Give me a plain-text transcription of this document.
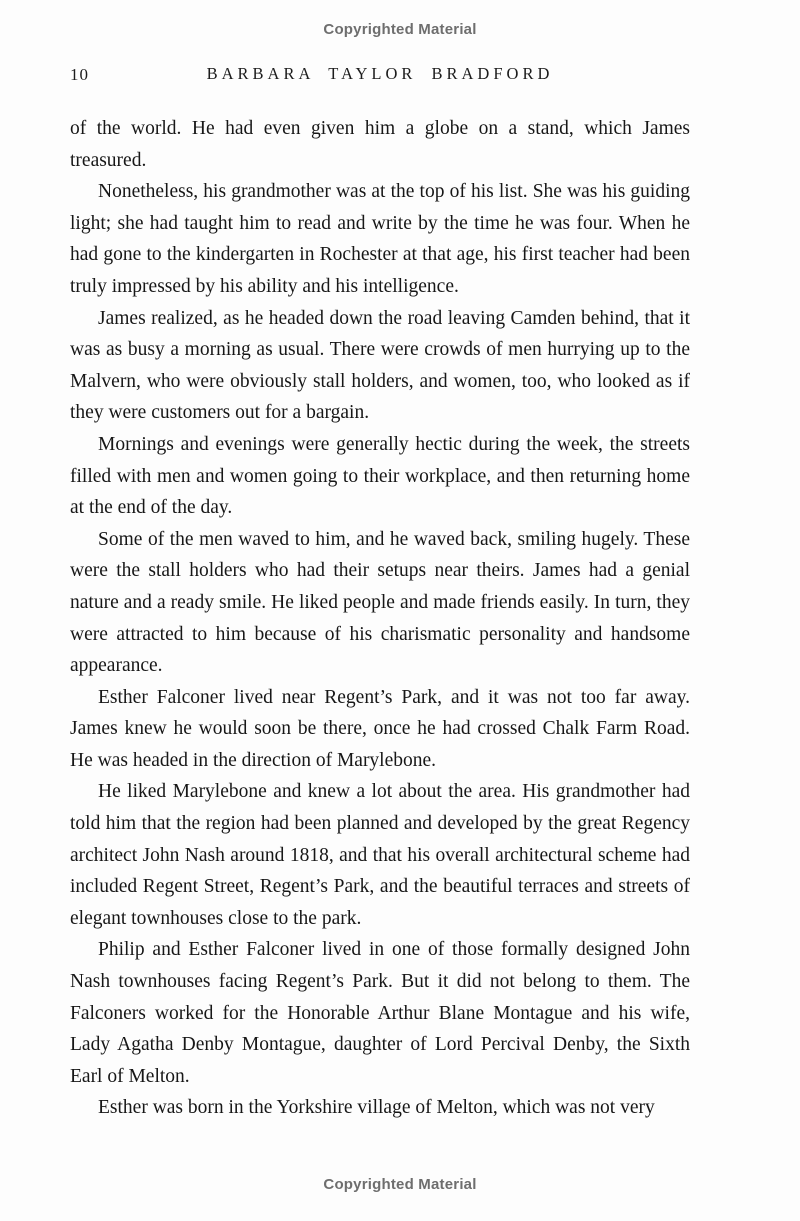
Copyrighted Material
10	BARBARA TAYLOR BRADFORD

of the world. He had even given him a globe on a stand, which James treasured.

Nonetheless, his grandmother was at the top of his list. She was his guiding light; she had taught him to read and write by the time he was four. When he had gone to the kindergarten in Rochester at that age, his first teacher had been truly impressed by his ability and his intelligence.

James realized, as he headed down the road leaving Camden behind, that it was as busy a morning as usual. There were crowds of men hurrying up to the Malvern, who were obviously stall holders, and women, too, who looked as if they were customers out for a bargain.

Mornings and evenings were generally hectic during the week, the streets filled with men and women going to their workplace, and then returning home at the end of the day.

Some of the men waved to him, and he waved back, smiling hugely. These were the stall holders who had their setups near theirs. James had a genial nature and a ready smile. He liked people and made friends easily. In turn, they were attracted to him because of his charismatic personality and handsome appearance.

Esther Falconer lived near Regent’s Park, and it was not too far away. James knew he would soon be there, once he had crossed Chalk Farm Road. He was headed in the direction of Marylebone.

He liked Marylebone and knew a lot about the area. His grandmother had told him that the region had been planned and developed by the great Regency architect John Nash around 1818, and that his overall architectural scheme had included Regent Street, Regent’s Park, and the beautiful terraces and streets of elegant townhouses close to the park.

Philip and Esther Falconer lived in one of those formally designed John Nash townhouses facing Regent’s Park. But it did not belong to them. The Falconers worked for the Honorable Arthur Blane Montague and his wife, Lady Agatha Denby Montague, daughter of Lord Percival Denby, the Sixth Earl of Melton.

Esther was born in the Yorkshire village of Melton, which was not very

Copyrighted Material
